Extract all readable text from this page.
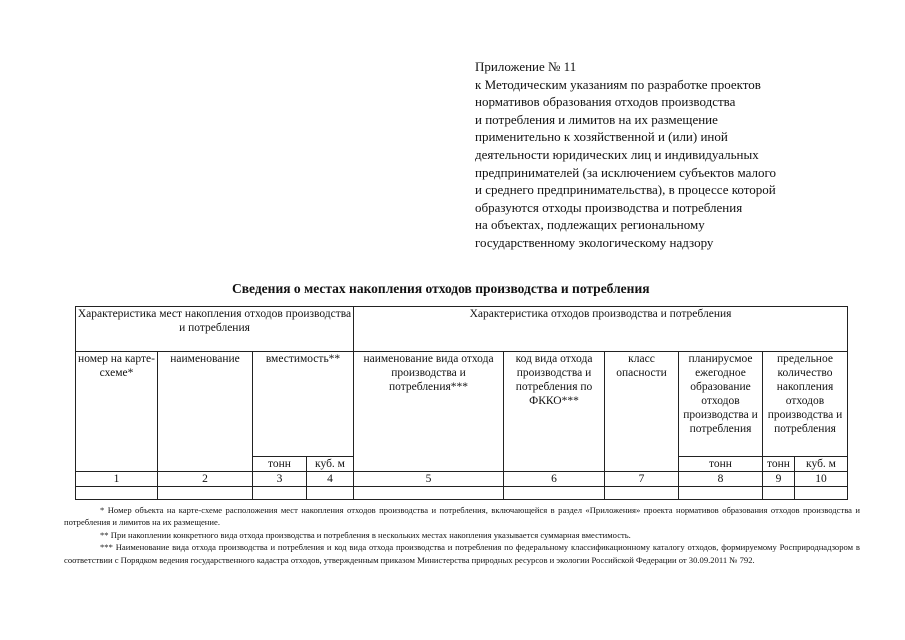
Приложение № 11
к Методическим указаниям по разработке проектов
нормативов образования отходов производства
и потребления и лимитов на их размещение
применительно к хозяйственной и (или) иной
деятельности юридических лиц и индивидуальных
предпринимателей (за исключением субъектов малого
и среднего предпринимательства), в процессе которой
образуются отходы производства и потребления
на объектах, подлежащих региональному
государственному экологическому надзору
Сведения о местах накопления отходов производства и потребления
Характеристика мест накопления отходов производства и потребления				Характеристика отходов производства и потребления					
номер на карте-схеме*	наименование	вместимость**		наименование вида отхода производства и потребления***	код вида отхода производства и потребления по ФККО***	класс опасности	планирусмое ежегодное образование отходов производства и потребления	предельное количество накопления отходов производства и потребления	
		тонн	куб. м				тонн	тонн	куб. м
1	2	3	4	5	6	7	8	9	10

* Номер объекта на карте-схеме расположения мест накопления отходов производства и потребления, включающейся в раздел «Приложения» проекта нормативов образования отходов производства и потребления и лимитов на их размещение.

** При накоплении конкретного вида отхода производства и потребления в нескольких местах накопления указывается суммарная вместимость.

*** Наименование вида отхода производства и потребления и код вида отхода производства и потребления по федеральному классификационному каталогу отходов, формируемому Росприроднадзором в соответствии с Порядком ведения государственного кадастра отходов, утвержденным приказом Министерства природных ресурсов и экологии Российской Федерации от 30.09.2011 № 792.
